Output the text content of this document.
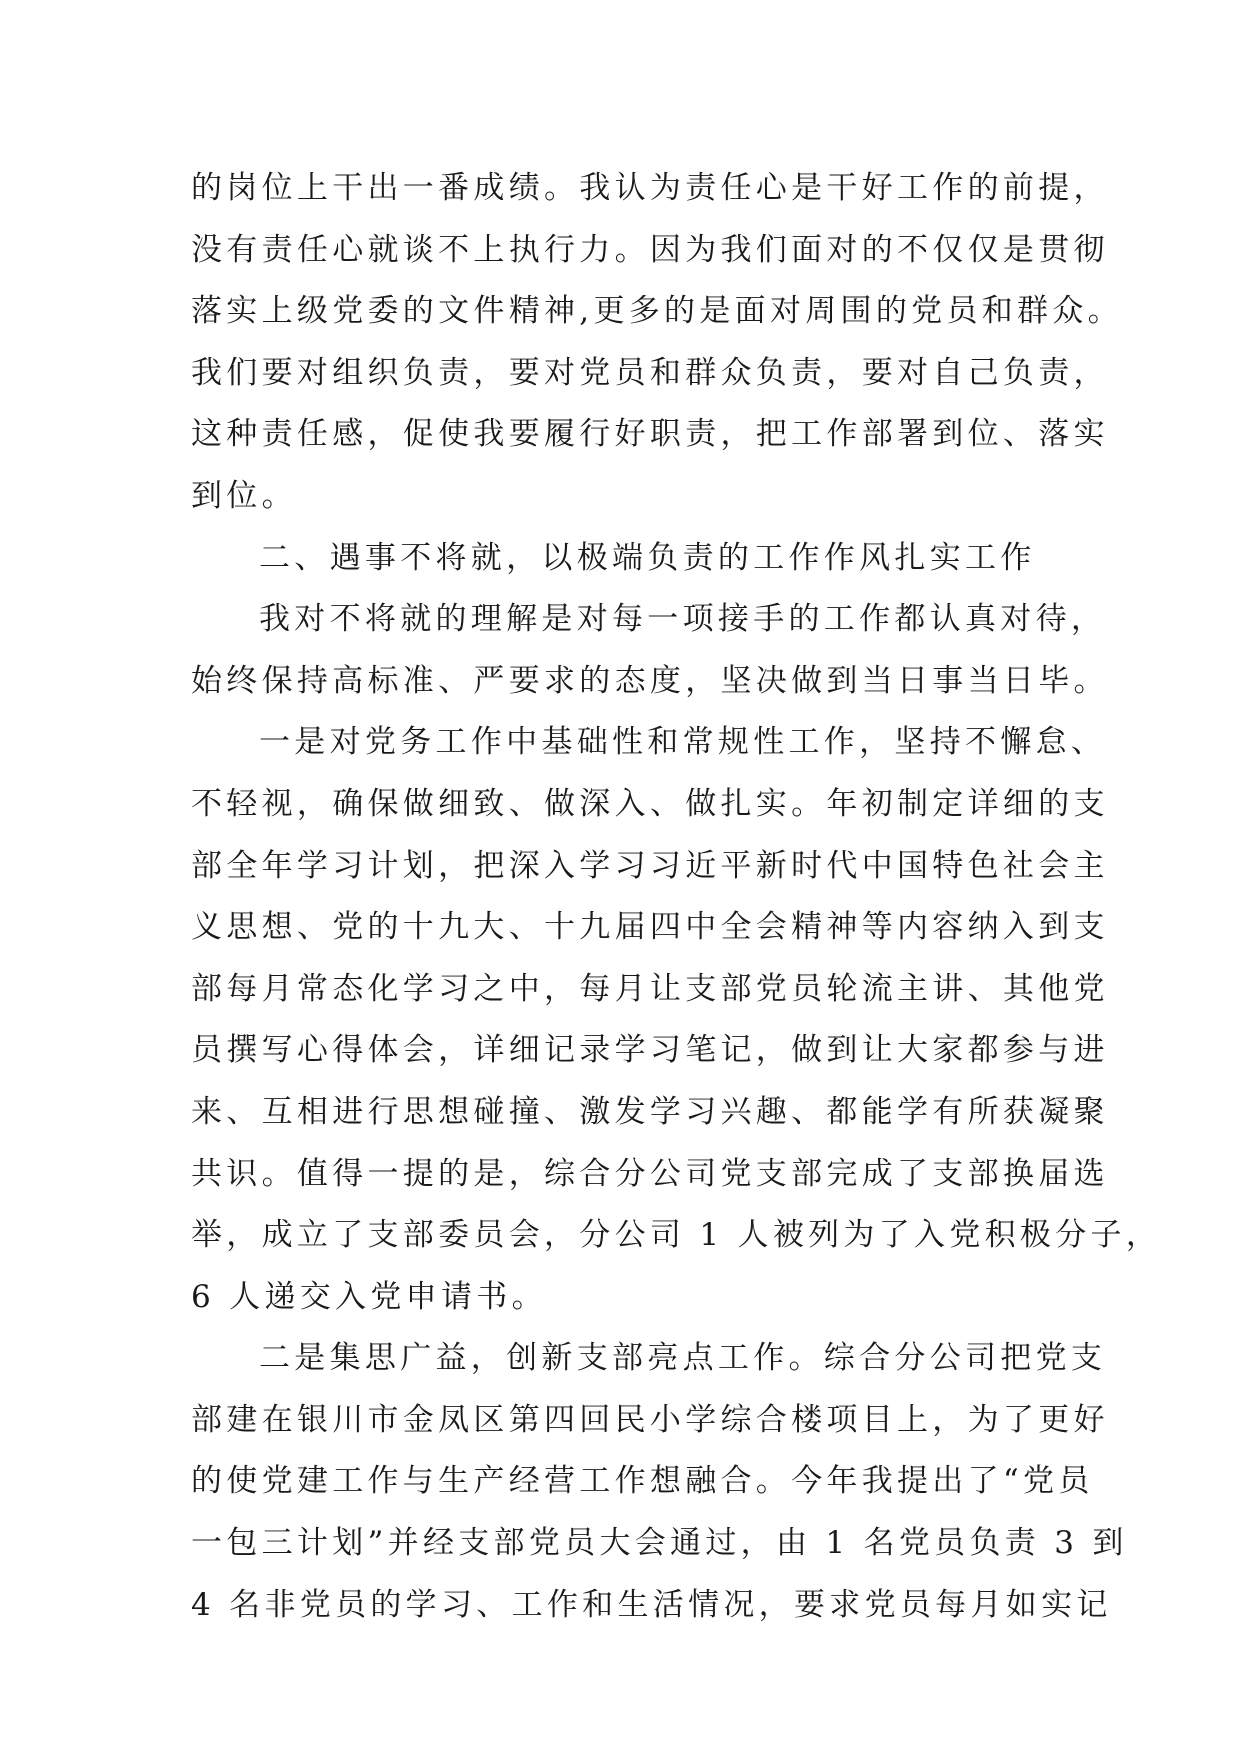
的岗位上干出一番成绩。我认为责任心是干好工作的前提，
没有责任心就谈不上执行力。因为我们面对的不仅仅是贯彻
落实上级党委的文件精神,更多的是面对周围的党员和群众。
我们要对组织负责，要对党员和群众负责，要对自己负责，
这种责任感，促使我要履行好职责，把工作部署到位、落实
到位。
二、遇事不将就，以极端负责的工作作风扎实工作
我对不将就的理解是对每一项接手的工作都认真对待，
始终保持高标准、严要求的态度，坚决做到当日事当日毕。
一是对党务工作中基础性和常规性工作，坚持不懈怠、
不轻视，确保做细致、做深入、做扎实。年初制定详细的支
部全年学习计划，把深入学习习近平新时代中国特色社会主
义思想、党的十九大、十九届四中全会精神等内容纳入到支
部每月常态化学习之中，每月让支部党员轮流主讲、其他党
员撰写心得体会，详细记录学习笔记，做到让大家都参与进
来、互相进行思想碰撞、激发学习兴趣、都能学有所获凝聚
共识。值得一提的是，综合分公司党支部完成了支部换届选
举，成立了支部委员会，分公司 1 人被列为了入党积极分子，
6 人递交入党申请书。
二是集思广益，创新支部亮点工作。综合分公司把党支
部建在银川市金凤区第四回民小学综合楼项目上，为了更好
的使党建工作与生产经营工作想融合。今年我提出了“党员
一包三计划”并经支部党员大会通过，由 1 名党员负责 3 到
4 名非党员的学习、工作和生活情况，要求党员每月如实记
